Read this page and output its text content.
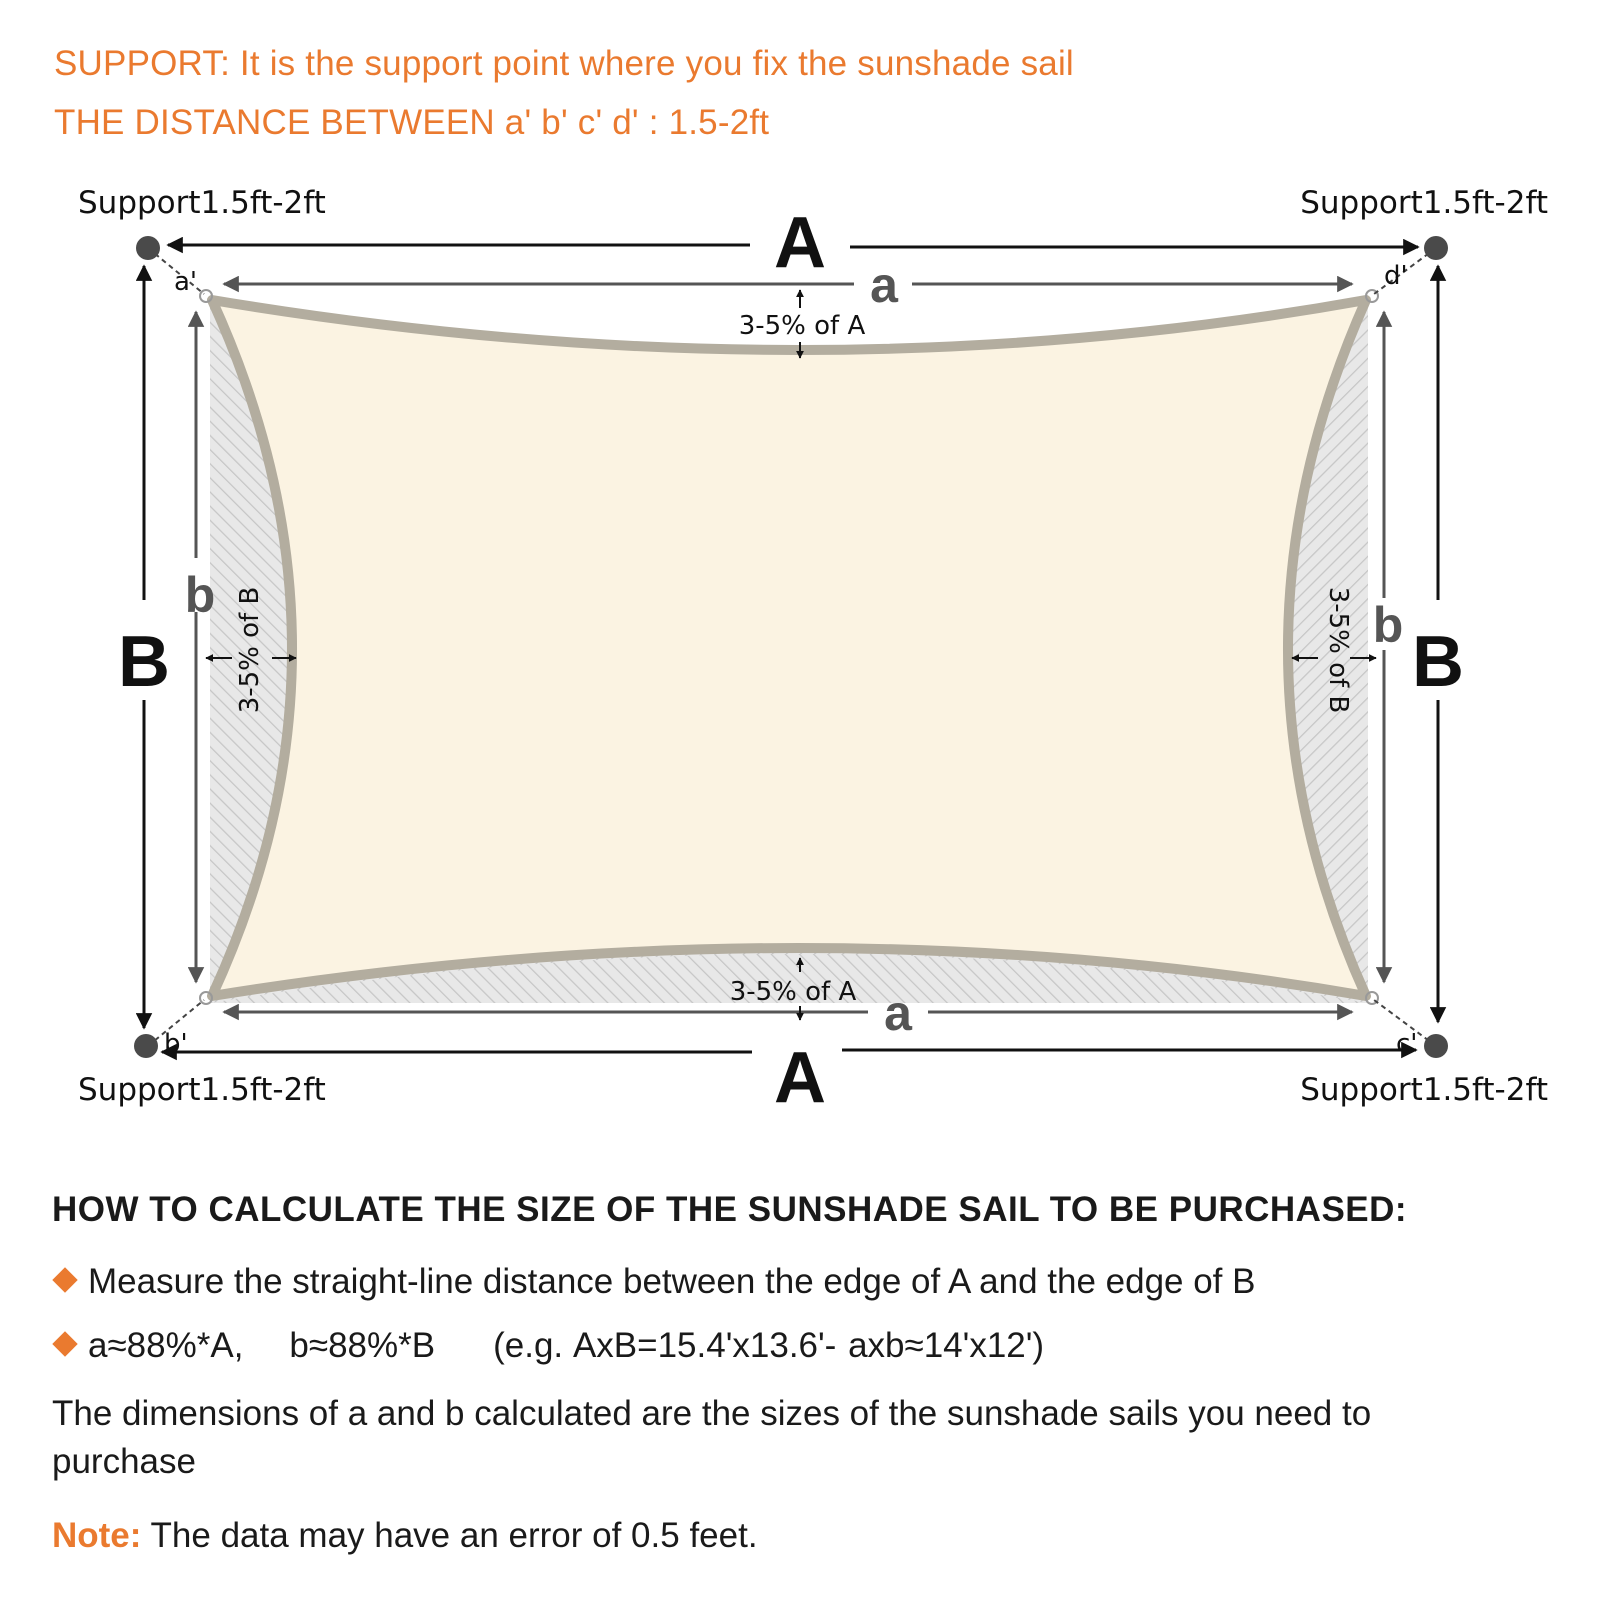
SUPPORT: It is the support point where you fix the sunshade sail
THE DISTANCE BETWEEN a' b' c' d' : 1.5-2ft
Support1.5ft-2ft	Support1.5ft-2ft
Support1.5ft-2ft	Support1.5ft-2ft
A
A
B	B
a
a
b
b
a'	d'
b'	c'
3-5% of A
3-5% of A
3-5% of B	3-5% of B
HOW TO CALCULATE THE SIZE OF THE SUNSHADE SAIL TO BE PURCHASED:
Measure the straight-line distance between the edge of A and the edge of B
a≈88%*A, b≈88%*B (e.g. AxB=15.4'x13.6'- axb≈14'x12')
The dimensions of a and b calculated are the sizes of the sunshade sails you need to purchase
Note: The data may have an error of 0.5 feet.
